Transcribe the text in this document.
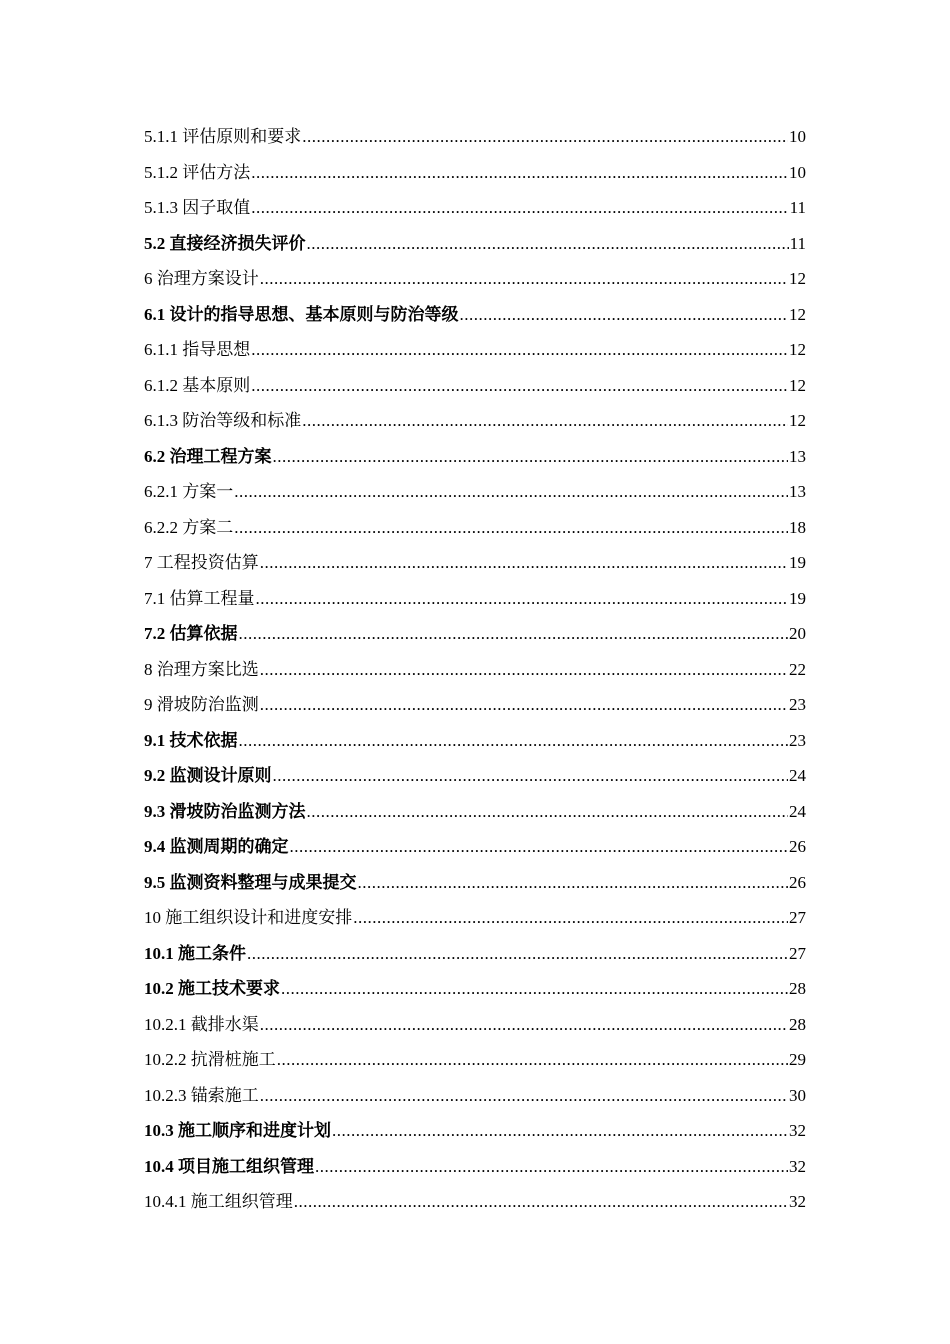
5.1.1 评估原则和要求 .....	10
5.1.2 评估方法 .....	10
5.1.3 因子取值 .....	11
5.2 直接经济损失评价 .....	11
6 治理方案设计 .....	12
6.1 设计的指导思想、基本原则与防治等级 .....	12
6.1.1 指导思想 .....	12
6.1.2 基本原则 .....	12
6.1.3 防治等级和标准 .....	12
6.2 治理工程方案 .....	13
6.2.1 方案一 .....	13
6.2.2 方案二 .....	18
7 工程投资估算 .....	19
7.1 估算工程量 .....	19
7.2 估算依据 .....	20
8 治理方案比选 .....	22
9 滑坡防治监测 .....	23
9.1 技术依据 .....	23
9.2 监测设计原则 .....	24
9.3 滑坡防治监测方法 .....	24
9.4 监测周期的确定 .....	26
9.5 监测资料整理与成果提交 .....	26
10 施工组织设计和进度安排 .....	27
10.1 施工条件 .....	27
10.2 施工技术要求 .....	28
10.2.1 截排水渠 .....	28
10.2.2 抗滑桩施工 .....	29
10.2.3 锚索施工 .....	30
10.3 施工顺序和进度计划 .....	32
10.4 项目施工组织管理 .....	32
10.4.1 施工组织管理 .....	32
